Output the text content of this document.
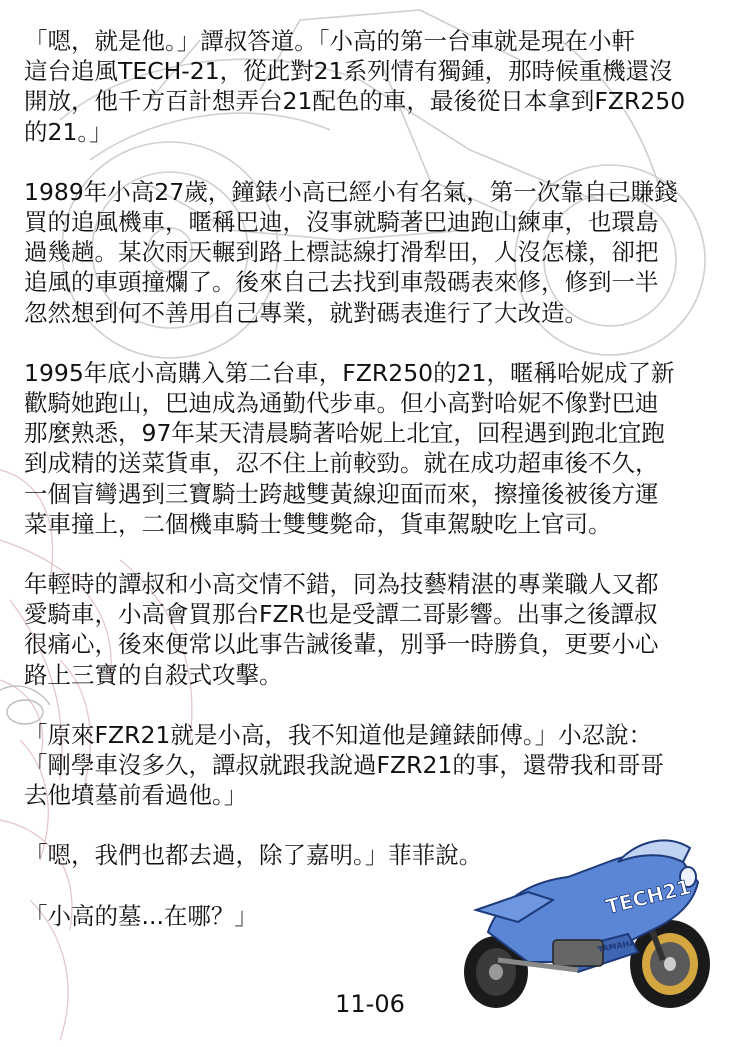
「嗯，就是他。」譚叔答道。「小高的第一台車就是現在小軒
這台追風TECH-21，從此對21系列情有獨鍾，那時候重機還沒
開放，他千方百計想弄台21配色的車，最後從日本拿到FZR250
的21。」

1989年小高27歲，鐘錶小高已經小有名氣，第一次靠自己賺錢
買的追風機車，暱稱巴迪，沒事就騎著巴迪跑山練車，也環島
過幾趟。某次雨天輾到路上標誌線打滑犁田，人沒怎樣，卻把
追風的車頭撞爛了。後來自己去找到車殼碼表來修，修到一半
忽然想到何不善用自己專業，就對碼表進行了大改造。

1995年底小高購入第二台車，FZR250的21，暱稱哈妮成了新
歡騎她跑山，巴迪成為通勤代步車。但小高對哈妮不像對巴迪
那麼熟悉，97年某天清晨騎著哈妮上北宜，回程遇到跑北宜跑
到成精的送菜貨車，忍不住上前較勁。就在成功超車後不久，
一個盲彎遇到三寶騎士跨越雙黃線迎面而來，擦撞後被後方運
菜車撞上，二個機車騎士雙雙斃命，貨車駕駛吃上官司。

年輕時的譚叔和小高交情不錯，同為技藝精湛的專業職人又都
愛騎車，小高會買那台FZR也是受譚二哥影響。出事之後譚叔
很痛心，後來便常以此事告誡後輩，別爭一時勝負，更要小心
路上三寶的自殺式攻擊。

「原來FZR21就是小高，我不知道他是鐘錶師傅。」小忍說：
「剛學車沒多久，譚叔就跟我說過FZR21的事，還帶我和哥哥
去他墳墓前看過他。」

「嗯，我們也都去過，除了嘉明。」菲菲說。

「小高的墓...在哪？」	TECH21
YAMAHA
11-06
